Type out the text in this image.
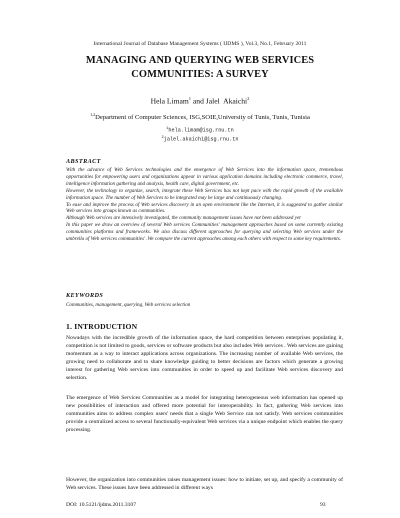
International Journal of Database Management Systems ( IJDMS ), Vol.3, No.1, February 2011
MANAGING AND QUERYING WEB SERVICES
COMMUNITIES: A SURVEY
Hela Limam$^1$ and Jalel  Akaichi$^2$
$^{1,2}$Department of Computer Sciences, ISG,SOIE,University of Tunis, Tunis, Tunisia
$^1$hela.limam@isg.rnu.tn
$^2$jalel.akaichi@isg.rnu.tn
ABSTRACT

With the advance of Web Services technologies and the emergence of Web Services into the information space, tremendous opportunities for empowering users and organizations appear in various application domains including electronic commerce, travel, intelligence information gathering and analysis, health care, digital government, etc.

However, the technology to organize, search, integrate these Web Services has not kept pace with the rapid growth of the available information space. The number of Web Services to be integrated may be large and continuously changing.

To ease and improve the process of Web services discovery in an open environment like the Internet, it is suggested to gather similar Web services into groups known as communities.

Although Web services are intensively investigated, the community management issues have not been addressed yet

In this paper we draw an overview of several Web services Communities' management approaches based on some currently existing communities platforms and frameworks. We also discuss different approaches for querying and selecting Web services under the umbrella of Web services communities' .We compare the current approaches among each others with respect to some key requirements.

KEYWORDS
Communities, management, querying, Web services selection
1. INTRODUCTION

Nowadays with the incredible growth of the information space, the hard competition between enterprises populating it, competition is not limited to goods, services or software products but also includes Web services . Web services are gaining momentum as a way to interact applications across organizations. The increasing number of available Web services, the growing need to collaborate and to share knowledge guiding to better decisions are factors which generate a growing interest for gathering Web services into communities in order to speed up and facilitate Web services discovery and selection.

The emergence of Web Services Communities as a model for integrating heterogeneous web information has opened up new possibilities of interaction and offered more potential for interoperability. In fact, gathering Web services into communities aims to address complex users' needs that a single Web Service can not satisfy. Web services communities provide a centralized access to several functionally-equivalent Web services via a unique endpoint which enables the query processing.

However, the organization into communities raises management issues: how to initiate, set up, and specify a community of Web services. These issues have been addressed in different ways

DOI: 10.5121/ijdms.2011.3107	93
